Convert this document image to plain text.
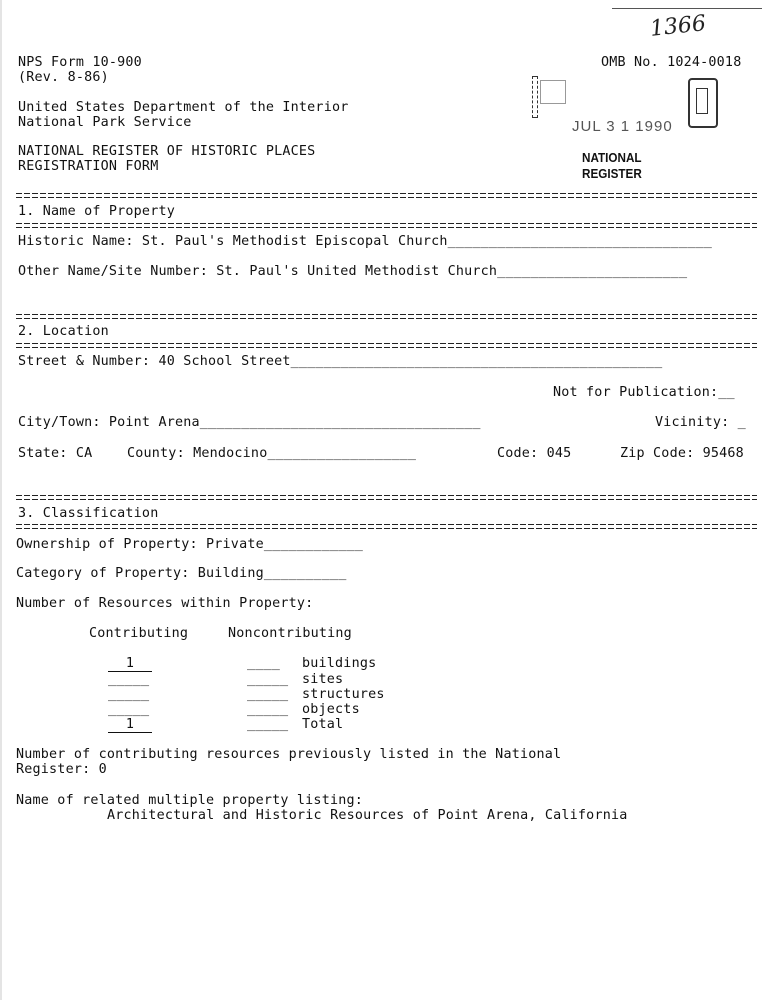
1366
NPS Form 10-900
(Rev. 8-86)
OMB No. 1024-0018
United States Department of the Interior
National Park Service
NATIONAL REGISTER OF HISTORIC PLACES
REGISTRATION FORM
JUL 3 1 1990
NATIONAL
REGISTER
1. Name of Property
Historic Name: St. Paul's Methodist Episcopal Church________________________________
Other Name/Site Number: St. Paul's United Methodist Church_______________________
2. Location
Street & Number: 40 School Street_____________________________________________
Not for Publication:__
City/Town: Point Arena__________________________________	Vicinity: _
State: CA	County: Mendocino__________________	Code: 045	Zip Code: 95468
3. Classification
Ownership of Property: Private____________
Category of Property: Building__________
Number of Resources within Property:
Contributing	Noncontributing
1	____ buildings
_____	_____ sites
_____	_____ structures
_____	_____ objects
1	_____ Total
Number of contributing resources previously listed in the National
Register: 0
Name of related multiple property listing:
Architectural and Historic Resources of Point Arena, California
